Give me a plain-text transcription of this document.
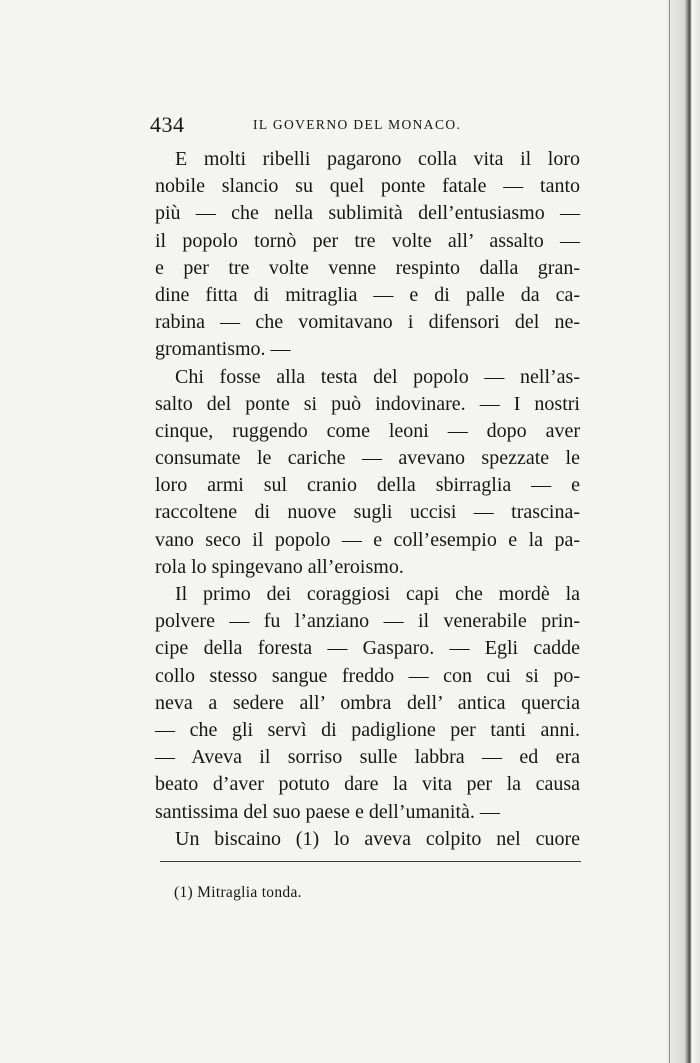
434	IL GOVERNO DEL MONACO.
E molti ribelli pagarono colla vita il loro
nobile slancio su quel ponte fatale — tanto
più — che nella sublimità dell’entusiasmo —
il popolo tornò per tre volte all’ assalto —
e per tre volte venne respinto dalla gran-
dine fitta di mitraglia — e di palle da ca-
rabina — che vomitavano i difensori del ne-
gromantismo. —
Chi fosse alla testa del popolo — nell’as-
salto del ponte si può indovinare. — I nostri
cinque, ruggendo come leoni — dopo aver
consumate le cariche — avevano spezzate le
loro armi sul cranio della sbirraglia — e
raccoltene di nuove sugli uccisi — trascina-
vano seco il popolo — e coll’esempio e la pa-
rola lo spingevano all’eroismo.
Il primo dei coraggiosi capi che mordè la
polvere — fu l’anziano — il venerabile prin-
cipe della foresta — Gasparo. — Egli cadde
collo stesso sangue freddo — con cui si po-
neva a sedere all’ ombra dell’ antica quercia
— che gli servì di padiglione per tanti anni.
— Aveva il sorriso sulle labbra — ed era
beato d’aver potuto dare la vita per la causa
santissima del suo paese e dell’umanità. —
Un biscaino (1) lo aveva colpito nel cuore
(1) Mitraglia tonda.
